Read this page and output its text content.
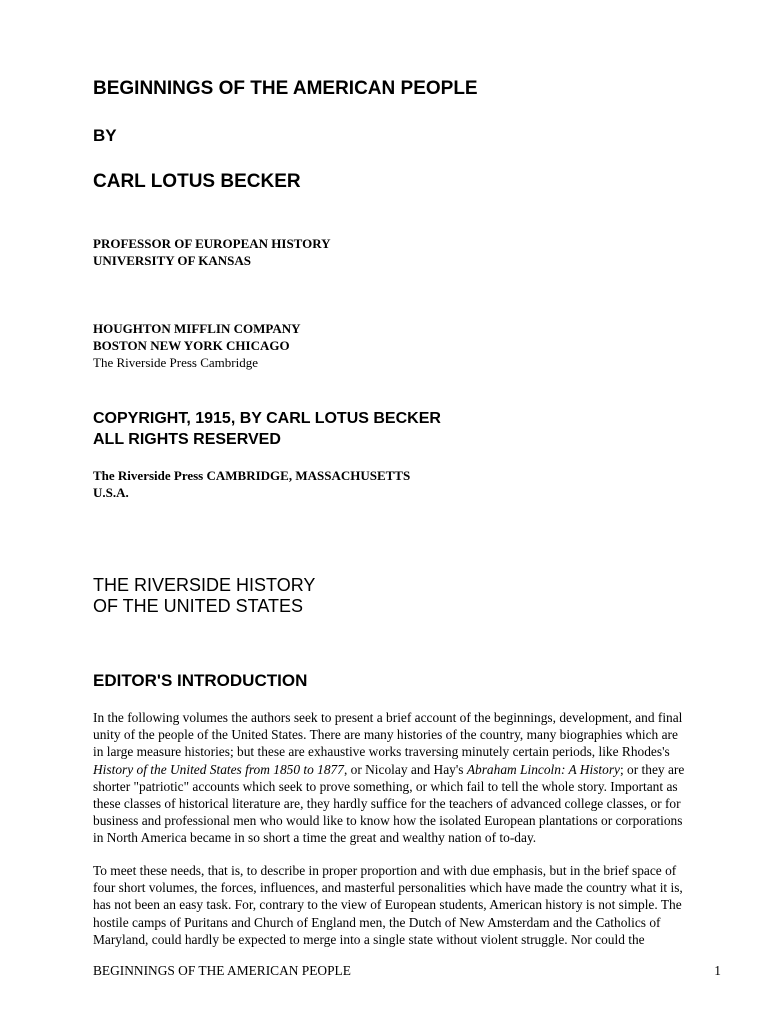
BEGINNINGS OF THE AMERICAN PEOPLE
BY
CARL LOTUS BECKER
PROFESSOR OF EUROPEAN HISTORY
UNIVERSITY OF KANSAS
HOUGHTON MIFFLIN COMPANY
BOSTON NEW YORK CHICAGO
The Riverside Press Cambridge
COPYRIGHT, 1915, BY CARL LOTUS BECKER
ALL RIGHTS RESERVED
The Riverside Press CAMBRIDGE, MASSACHUSETTS
U.S.A.
THE RIVERSIDE HISTORY
OF THE UNITED STATES
EDITOR'S INTRODUCTION
In the following volumes the authors seek to present a brief account of the beginnings, development, and final
unity of the people of the United States. There are many histories of the country, many biographies which are
in large measure histories; but these are exhaustive works traversing minutely certain periods, like Rhodes's
History of the United States from 1850 to 1877, or Nicolay and Hay's Abraham Lincoln: A History; or they are
shorter "patriotic" accounts which seek to prove something, or which fail to tell the whole story. Important as
these classes of historical literature are, they hardly suffice for the teachers of advanced college classes, or for
business and professional men who would like to know how the isolated European plantations or corporations
in North America became in so short a time the great and wealthy nation of to-day.
To meet these needs, that is, to describe in proper proportion and with due emphasis, but in the brief space of
four short volumes, the forces, influences, and masterful personalities which have made the country what it is,
has not been an easy task. For, contrary to the view of European students, American history is not simple. The
hostile camps of Puritans and Church of England men, the Dutch of New Amsterdam and the Catholics of
Maryland, could hardly be expected to merge into a single state without violent struggle. Nor could the
BEGINNINGS OF THE AMERICAN PEOPLE	1
